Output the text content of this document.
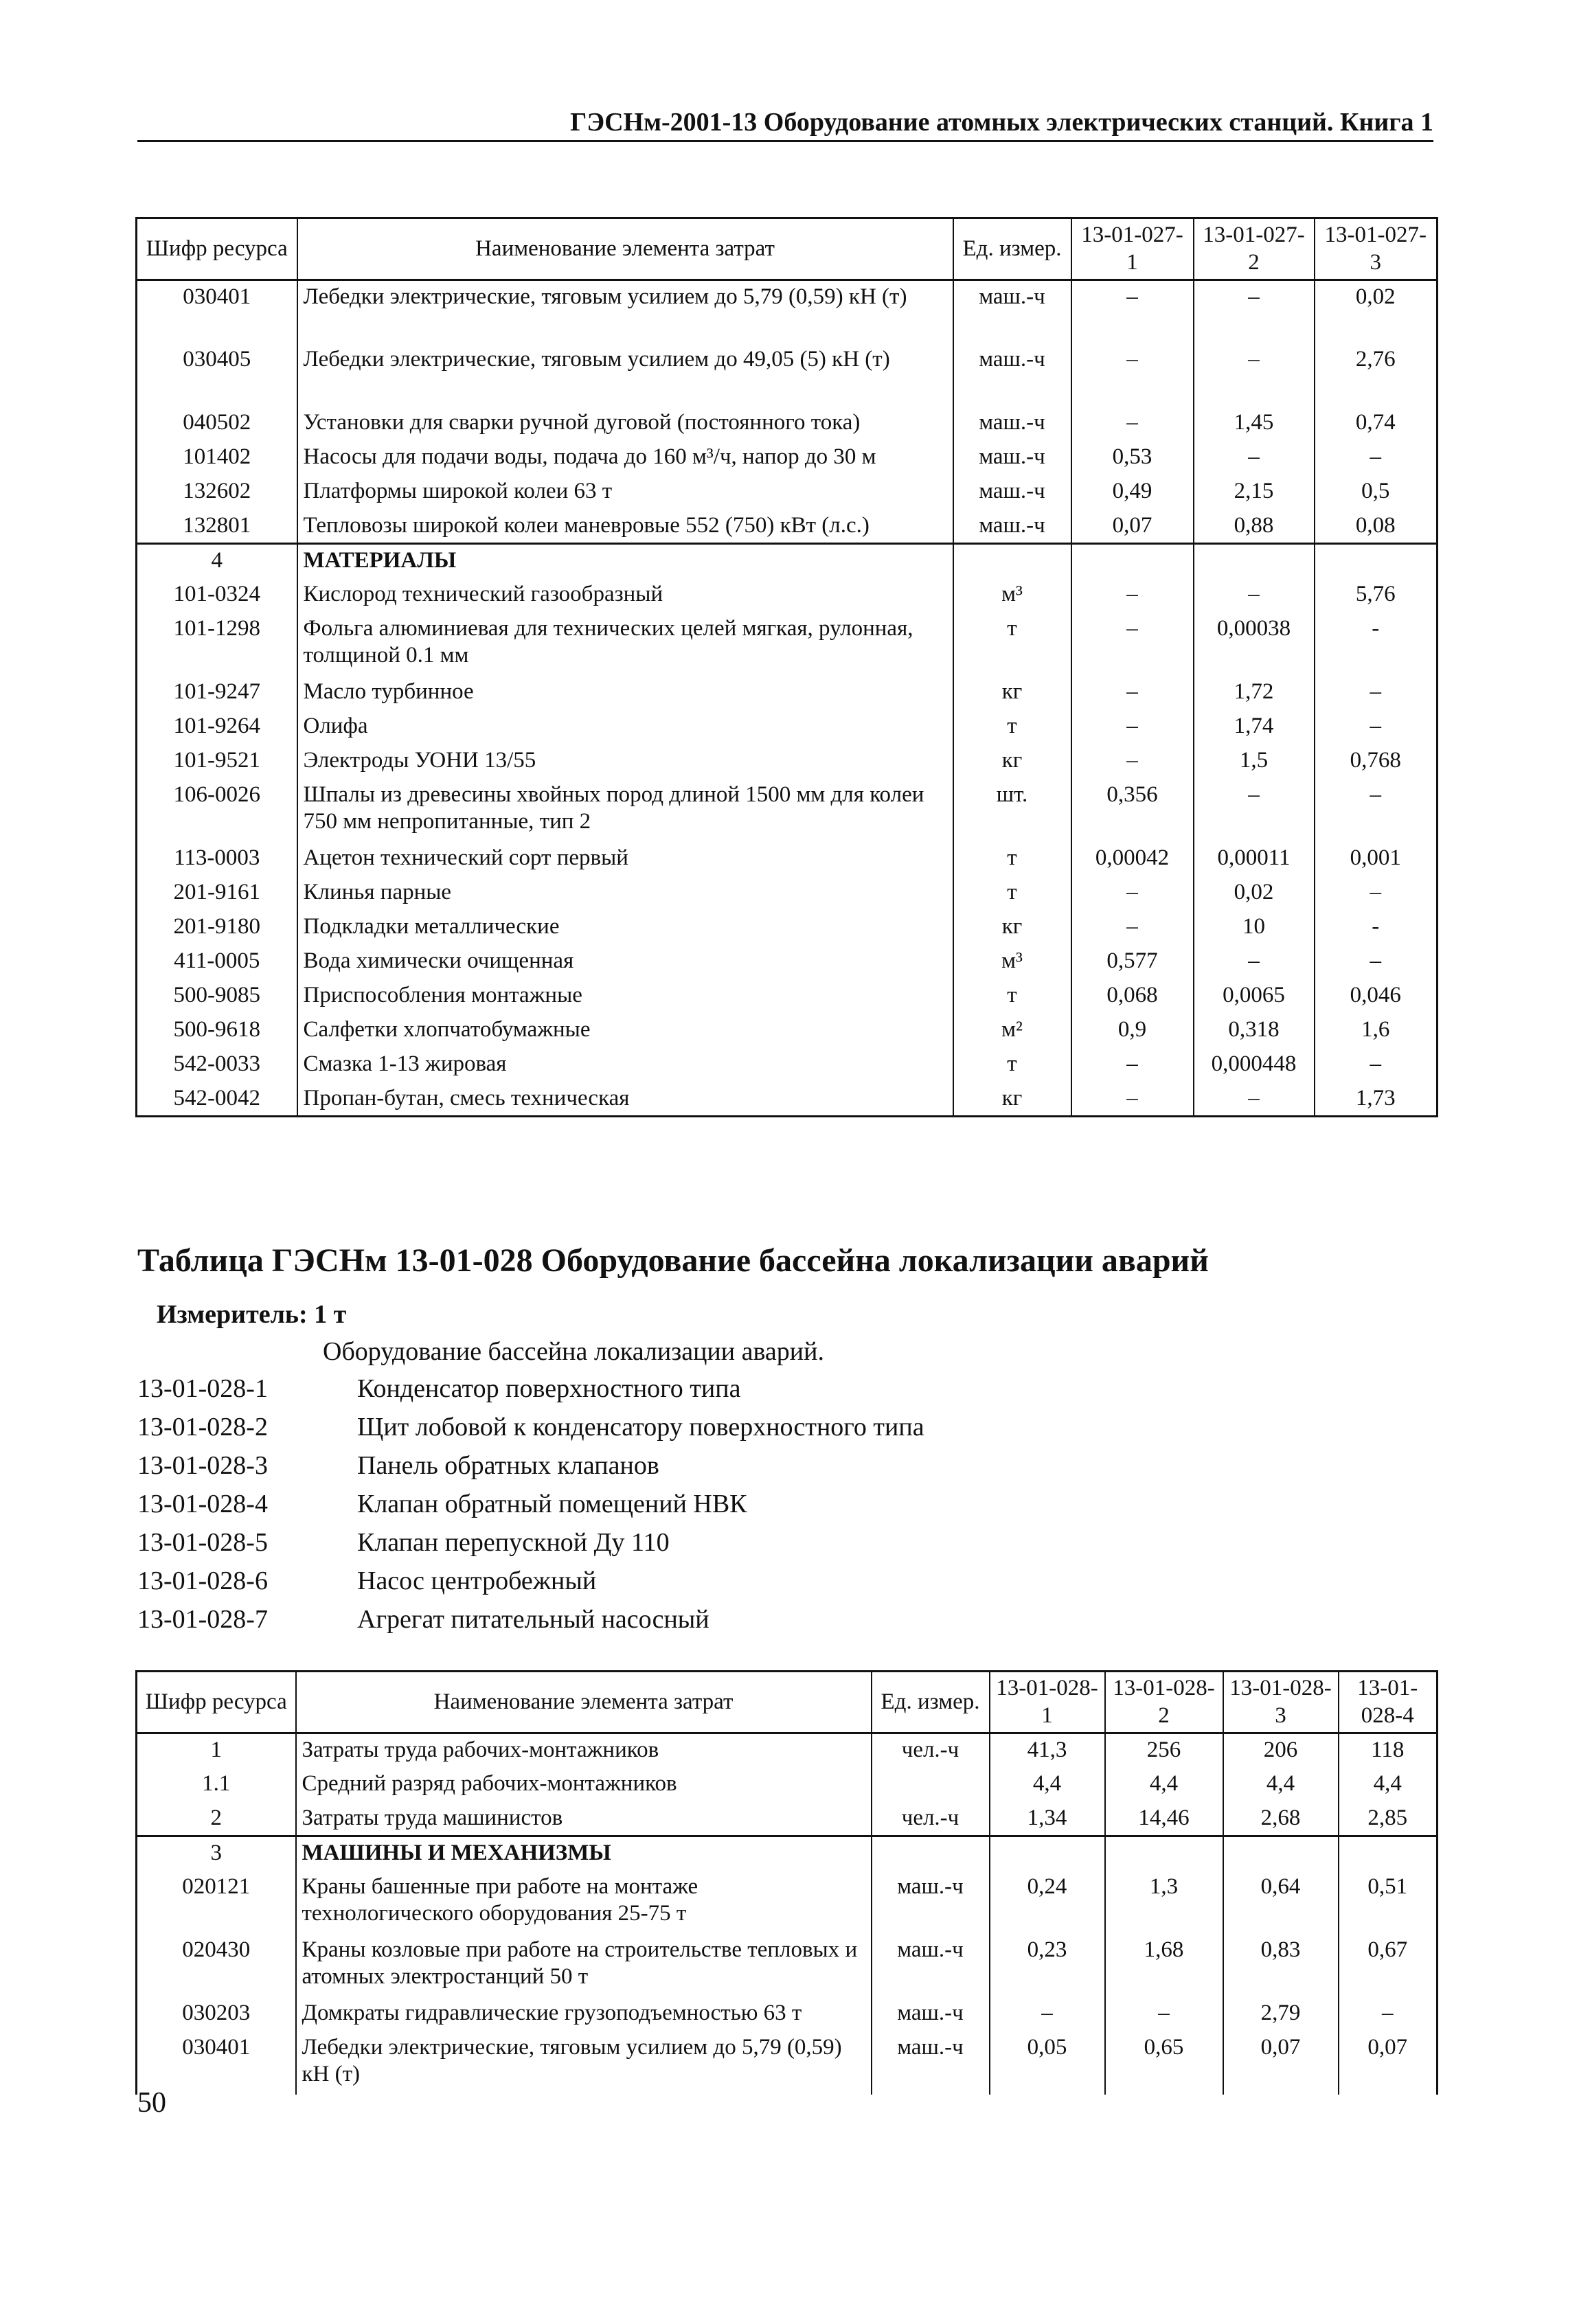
ГЭСНм-2001-13 Оборудование атомных электрических станций. Книга 1
Шифр ресурса	Наименование элемента затрат	Ед. измер.	13-01-027-1	13-01-027-2	13-01-027-3
030401	Лебедки электрические, тяговым усилием до 5,79 (0,59) кН (т)	маш.-ч	–	–	0,02
030405	Лебедки электрические, тяговым усилием до 49,05 (5) кН (т)	маш.-ч	–	–	2,76
040502	Установки для сварки ручной дуговой (постоянного тока)	маш.-ч	–	1,45	0,74
101402	Насосы для подачи воды, подача до 160 м³/ч, напор до 30 м	маш.-ч	0,53	–	–
132602	Платформы широкой колеи 63 т	маш.-ч	0,49	2,15	0,5
132801	Тепловозы широкой колеи маневровые 552 (750) кВт (л.с.)	маш.-ч	0,07	0,88	0,08
4	МАТЕРИАЛЫ				
101-0324	Кислород технический газообразный	м³	–	–	5,76
101-1298	Фольга алюминиевая для технических целей мягкая, рулонная, толщиной 0.1 мм	т	–	0,00038	-
101-9247	Масло турбинное	кг	–	1,72	–
101-9264	Олифа	т	–	1,74	–
101-9521	Электроды УОНИ 13/55	кг	–	1,5	0,768
106-0026	Шпалы из древесины хвойных пород длиной 1500 мм для колеи 750 мм непропитанные, тип 2	шт.	0,356	–	–
113-0003	Ацетон технический сорт первый	т	0,00042	0,00011	0,001
201-9161	Клинья парные	т	–	0,02	–
201-9180	Подкладки металлические	кг	–	10	-
411-0005	Вода химически очищенная	м³	0,577	–	–
500-9085	Приспособления монтажные	т	0,068	0,0065	0,046
500-9618	Салфетки хлопчатобумажные	м²	0,9	0,318	1,6
542-0033	Смазка 1-13 жировая	т	–	0,000448	–
542-0042	Пропан-бутан, смесь техническая	кг	–	–	1,73
Таблица ГЭСНм 13-01-028 Оборудование бассейна локализации аварий
Измеритель: 1 т
Оборудование бассейна локализации аварий.
13-01-028-1	Конденсатор поверхностного типа
13-01-028-2	Щит лобовой к конденсатору поверхностного типа
13-01-028-3	Панель обратных клапанов
13-01-028-4	Клапан обратный помещений НВК
13-01-028-5	Клапан перепускной Ду 110
13-01-028-6	Насос центробежный
13-01-028-7	Агрегат питательный насосный
Шифр ресурса	Наименование элемента затрат	Ед. измер.	13-01-028-1	13-01-028-2	13-01-028-3	13-01-028-4
1	Затраты труда рабочих-монтажников	чел.-ч	41,3	256	206	118
1.1	Средний разряд рабочих-монтажников		4,4	4,4	4,4	4,4
2	Затраты труда машинистов	чел.-ч	1,34	14,46	2,68	2,85
3	МАШИНЫ И МЕХАНИЗМЫ					
020121	Краны башенные при работе на монтаже технологического оборудования 25-75 т	маш.-ч	0,24	1,3	0,64	0,51
020430	Краны козловые при работе на строительстве тепловых и атомных электростанций 50 т	маш.-ч	0,23	1,68	0,83	0,67
030203	Домкраты гидравлические грузоподъемностью 63 т	маш.-ч	–	–	2,79	–
030401	Лебедки электрические, тяговым усилием до 5,79 (0,59) кН (т)	маш.-ч	0,05	0,65	0,07	0,07
50
